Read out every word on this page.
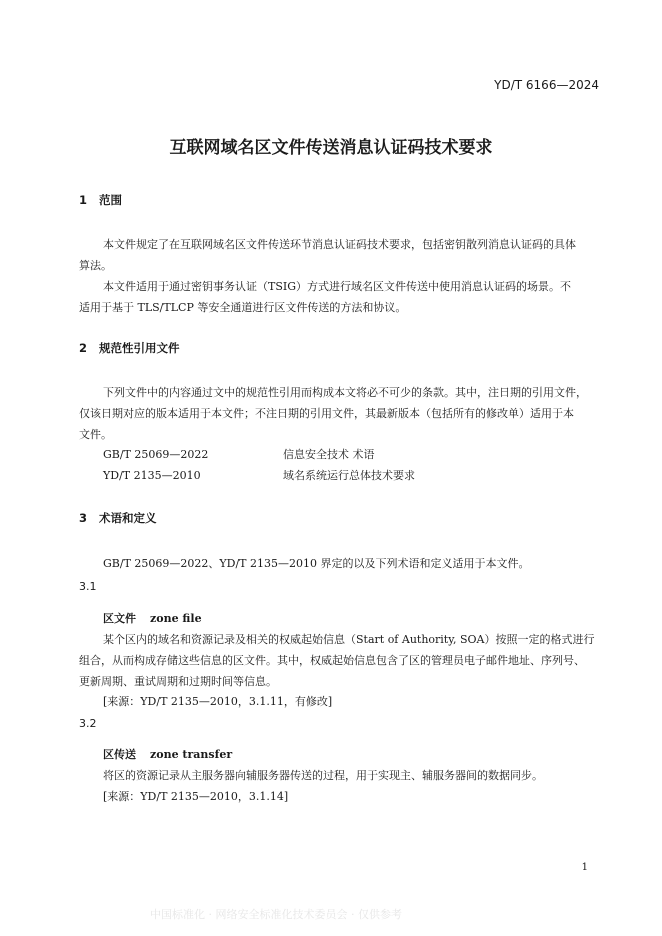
YD/T 6166—2024
互联网域名区文件传送消息认证码技术要求
1 范围
本文件规定了在互联网域名区文件传送环节消息认证码技术要求，包括密钥散列消息认证码的具体
算法。
本文件适用于通过密钥事务认证（TSIG）方式进行域名区文件传送中使用消息认证码的场景。不
适用于基于 TLS/TLCP 等安全通道进行区文件传送的方法和协议。
2 规范性引用文件
下列文件中的内容通过文中的规范性引用而构成本文将必不可少的条款。其中，注日期的引用文件，
仅该日期对应的版本适用于本文件；不注日期的引用文件，其最新版本（包括所有的修改单）适用于本
文件。
GB/T 25069—2022	信息安全技术 术语
YD/T 2135—2010	域名系统运行总体技术要求
3 术语和定义
GB/T 25069—2022、YD/T 2135—2010 界定的以及下列术语和定义适用于本文件。
3.1
区文件 zone file
某个区内的域名和资源记录及相关的权威起始信息（Start of Authority, SOA）按照一定的格式进行
组合，从而构成存储这些信息的区文件。其中，权威起始信息包含了区的管理员电子邮件地址、序列号、
更新周期、重试周期和过期时间等信息。
[来源：YD/T 2135—2010，3.1.11，有修改]
3.2
区传送 zone transfer
将区的资源记录从主服务器向辅服务器传送的过程，用于实现主、辅服务器间的数据同步。
[来源：YD/T 2135—2010，3.1.14]
1
中国标准化 · 网络安全标准化技术委员会 · 仅供参考
